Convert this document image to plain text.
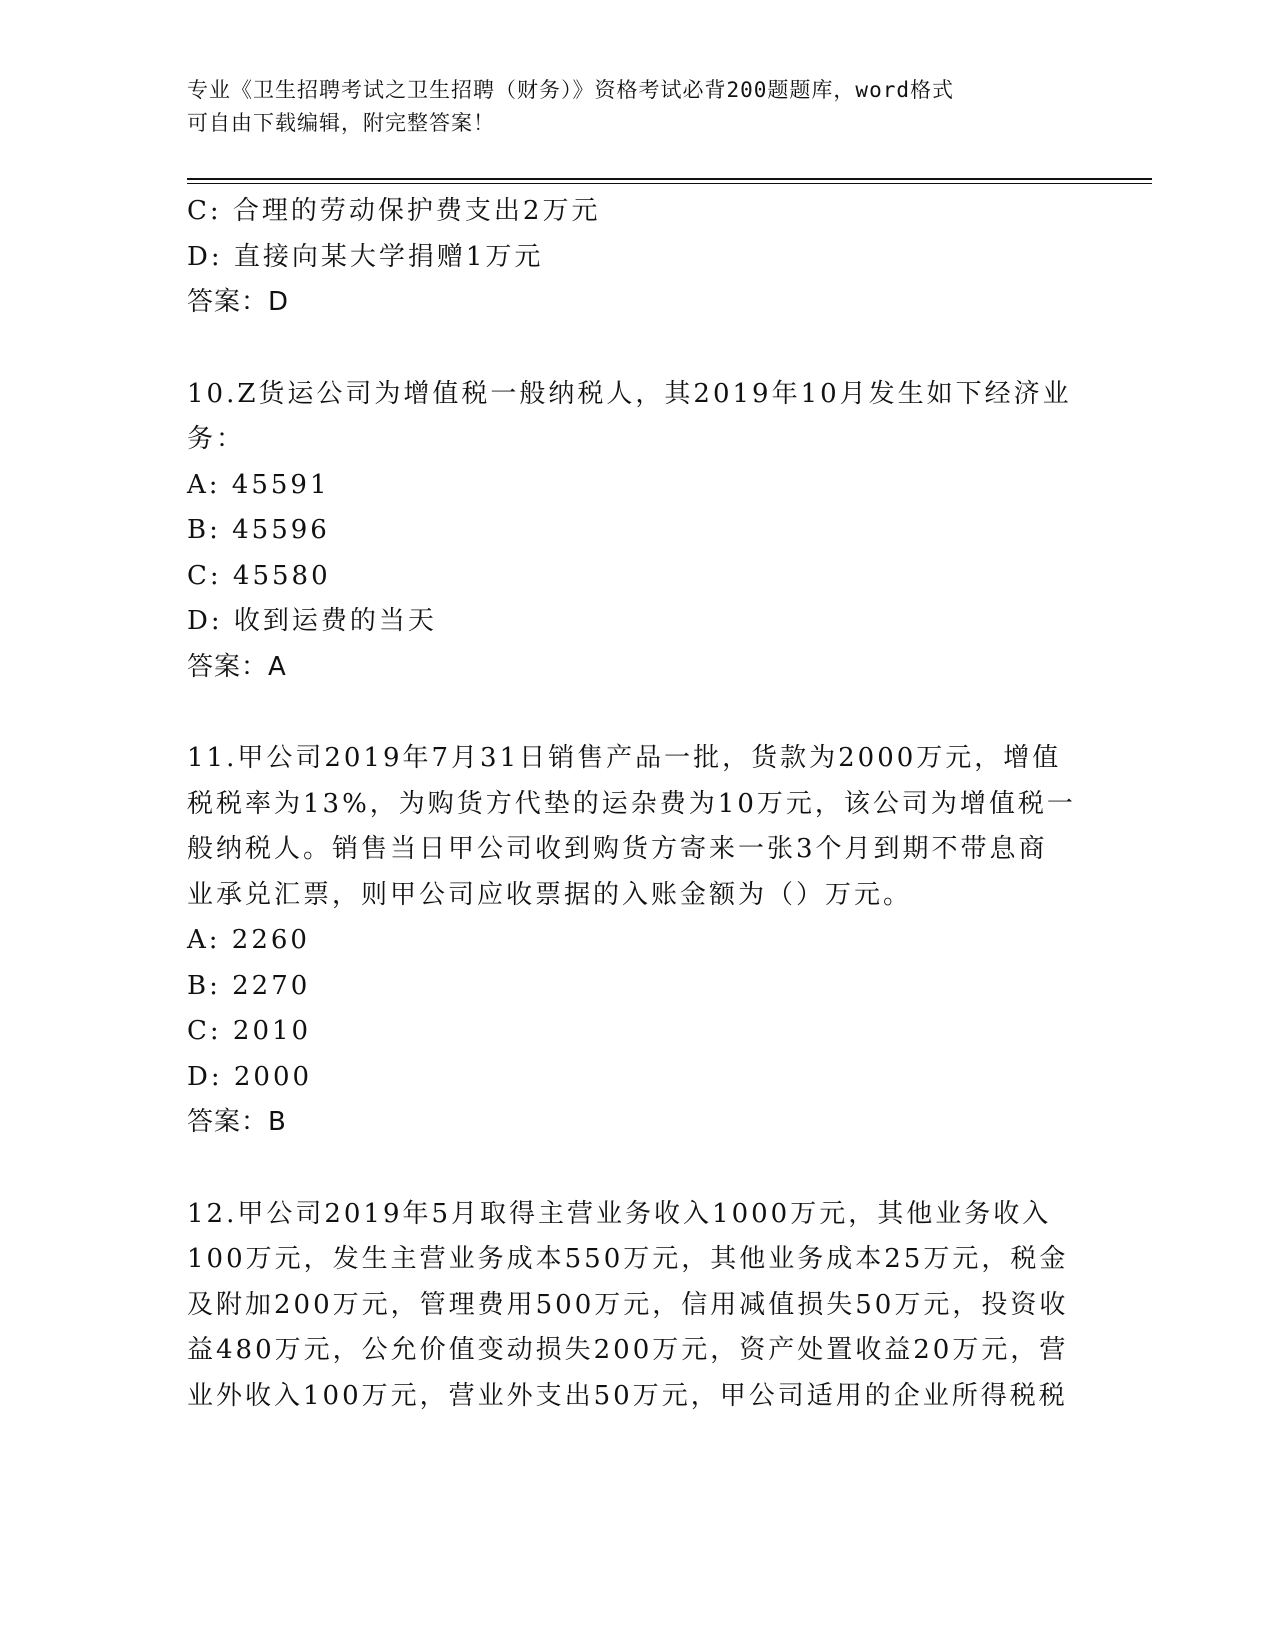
专业《卫生招聘考试之卫生招聘（财务）》资格考试必背200题题库，word格式
可自由下载编辑，附完整答案！
C: 合理的劳动保护费支出2万元
D: 直接向某大学捐赠1万元
答案：D
10.Z货运公司为增值税一般纳税人，其2019年10月发生如下经济业
务：
A: 45591
B: 45596
C: 45580
D: 收到运费的当天
答案：A
11.甲公司2019年7月31日销售产品一批，货款为2000万元，增值
税税率为13%，为购货方代垫的运杂费为10万元，该公司为增值税一
般纳税人。销售当日甲公司收到购货方寄来一张3个月到期不带息商
业承兑汇票，则甲公司应收票据的入账金额为（）万元。
A: 2260
B: 2270
C: 2010
D: 2000
答案：B
12.甲公司2019年5月取得主营业务收入1000万元，其他业务收入
100万元，发生主营业务成本550万元，其他业务成本25万元，税金
及附加200万元，管理费用500万元，信用减值损失50万元，投资收
益480万元，公允价值变动损失200万元，资产处置收益20万元，营
业外收入100万元，营业外支出50万元，甲公司适用的企业所得税税
